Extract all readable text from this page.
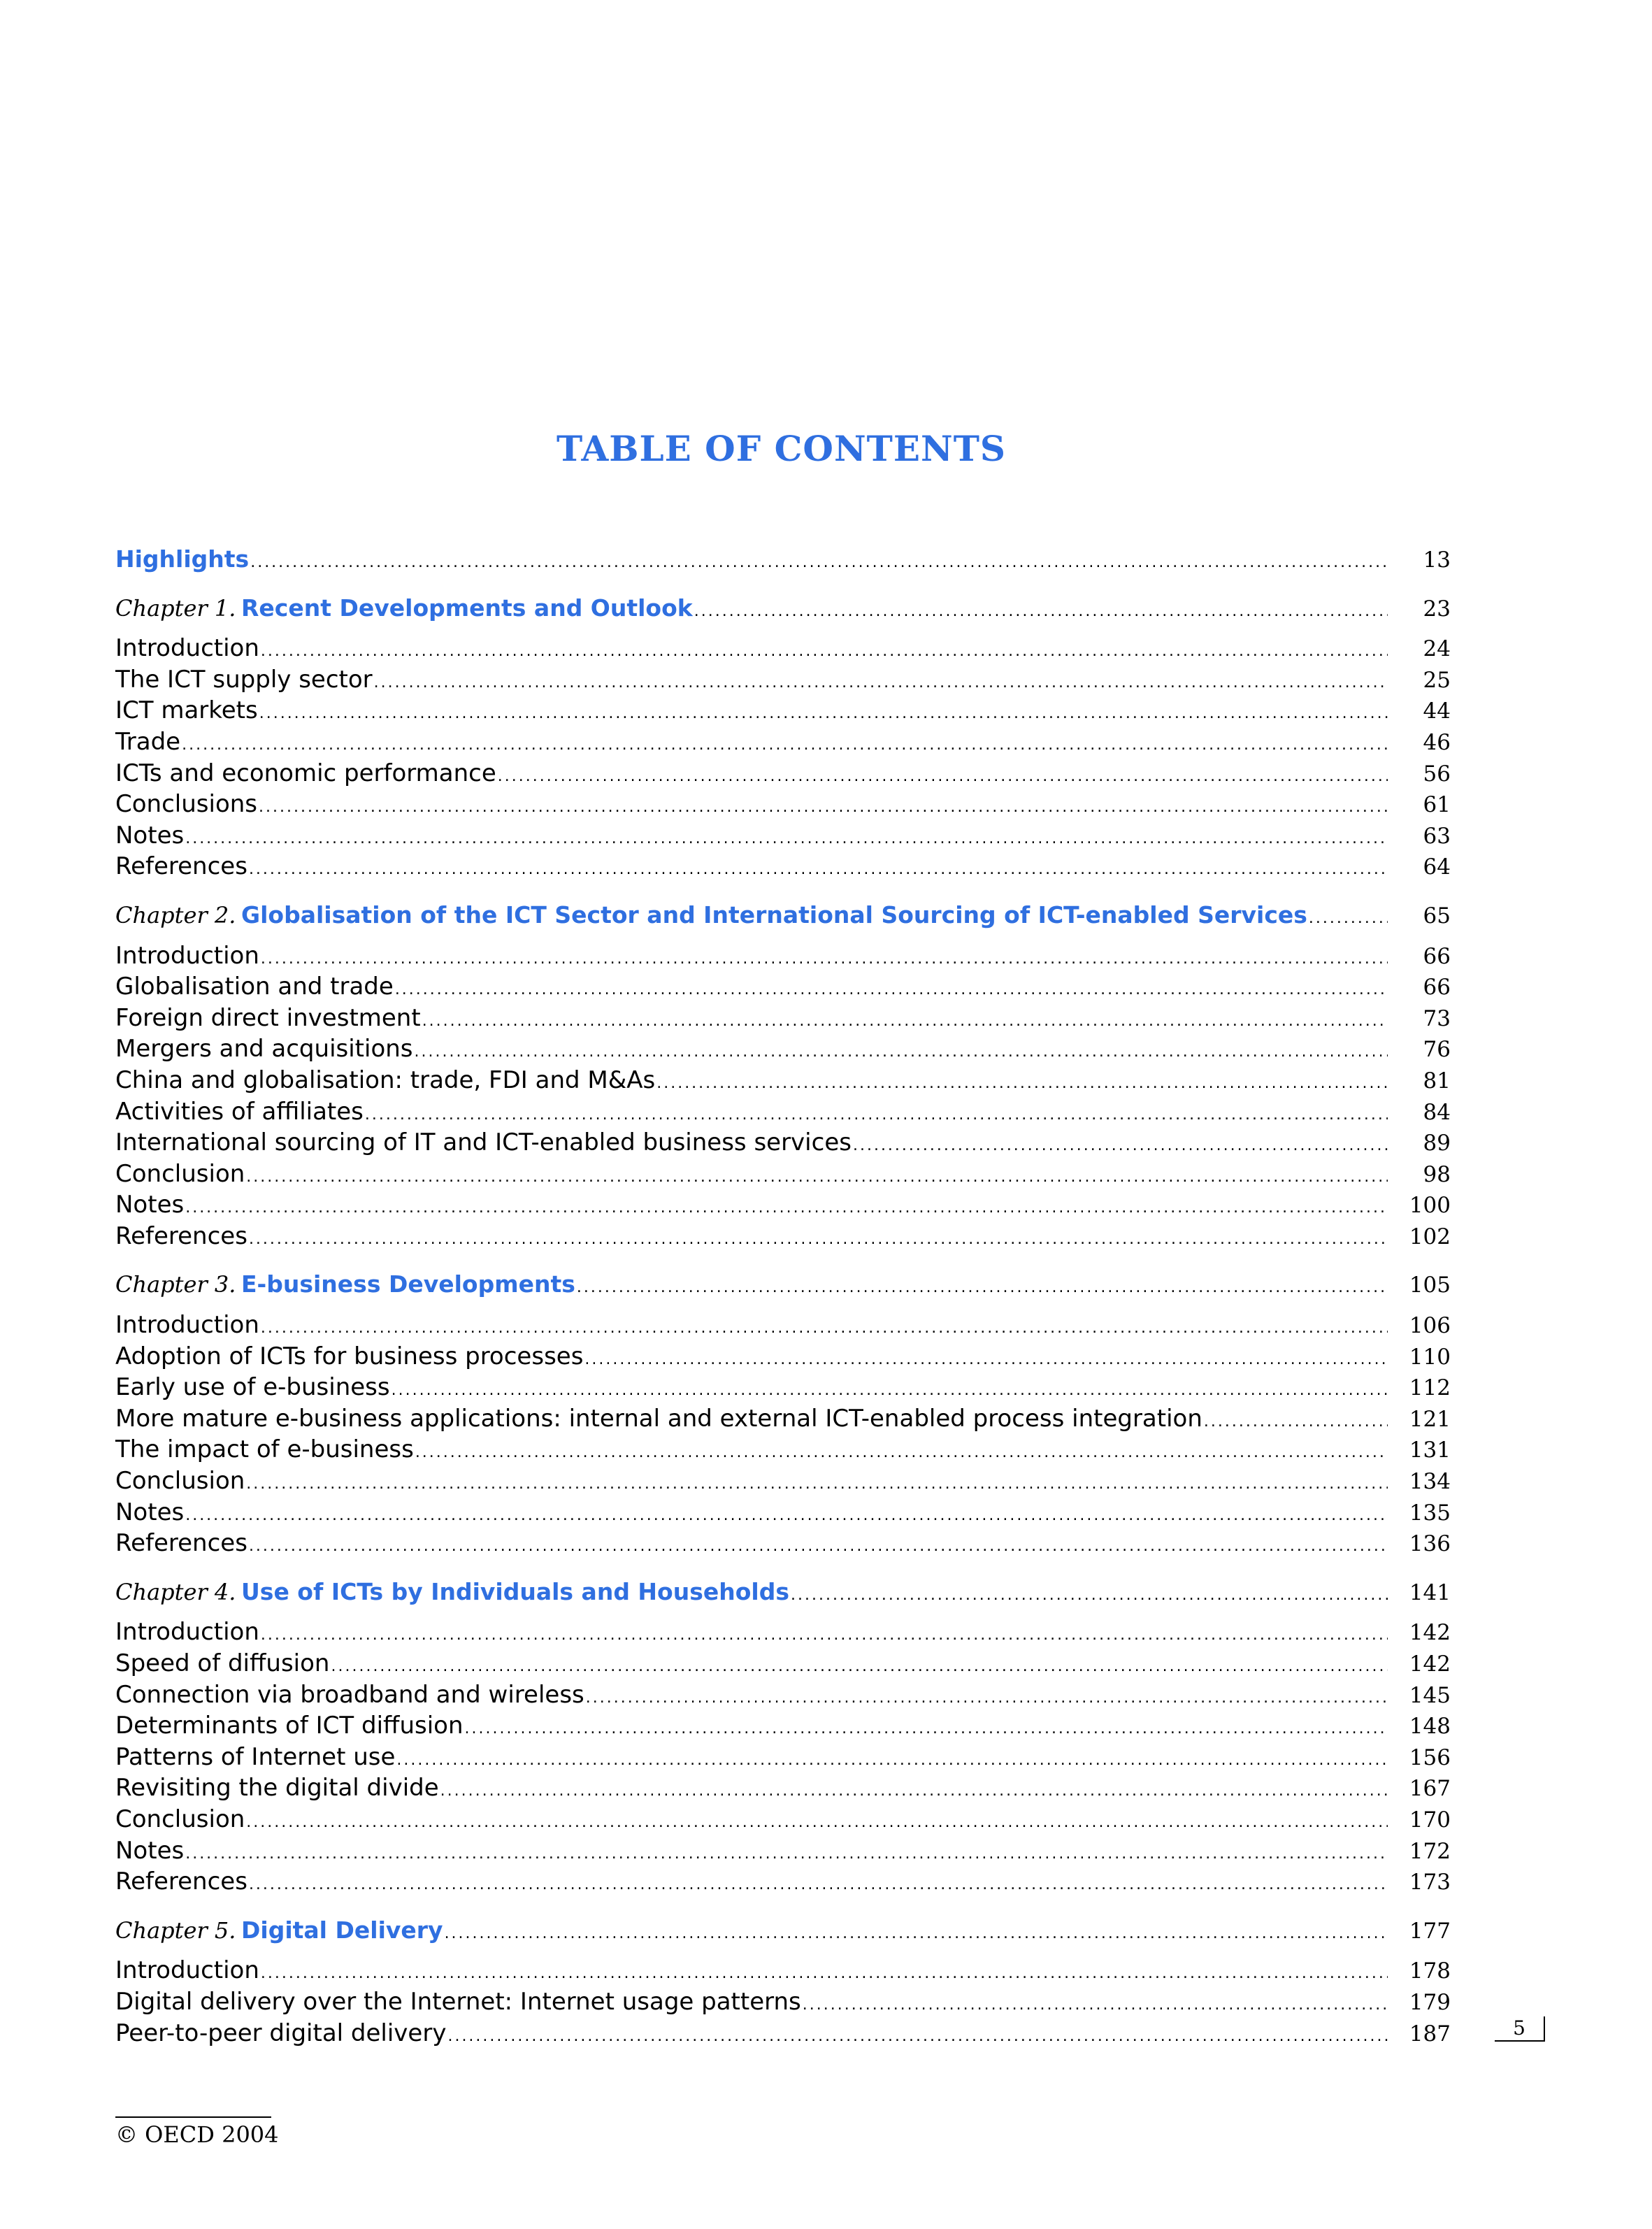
TABLE OF CONTENTS
Highlights .....	13
Chapter 1. Recent Developments and Outlook .....	23
Introduction .....	24
The ICT supply sector .....	25
ICT markets .....	44
Trade .....	46
ICTs and economic performance .....	56
Conclusions .....	61
Notes .....	63
References .....	64
Chapter 2. Globalisation of the ICT Sector and International Sourcing of ICT-enabled Services .....	65
Introduction .....	66
Globalisation and trade .....	66
Foreign direct investment .....	73
Mergers and acquisitions .....	76
China and globalisation: trade, FDI and M&As .....	81
Activities of affiliates .....	84
International sourcing of IT and ICT-enabled business services .....	89
Conclusion .....	98
Notes .....	100
References .....	102
Chapter 3. E-business Developments .....	105
Introduction .....	106
Adoption of ICTs for business processes .....	110
Early use of e-business .....	112
More mature e-business applications: internal and external ICT-enabled process integration .....	121
The impact of e-business .....	131
Conclusion .....	134
Notes .....	135
References .....	136
Chapter 4. Use of ICTs by Individuals and Households .....	141
Introduction .....	142
Speed of diffusion .....	142
Connection via broadband and wireless .....	145
Determinants of ICT diffusion .....	148
Patterns of Internet use .....	156
Revisiting the digital divide .....	167
Conclusion .....	170
Notes .....	172
References .....	173
Chapter 5. Digital Delivery .....	177
Introduction .....	178
Digital delivery over the Internet: Internet usage patterns .....	179
Peer-to-peer digital delivery .....	187	5
© OECD 2004
